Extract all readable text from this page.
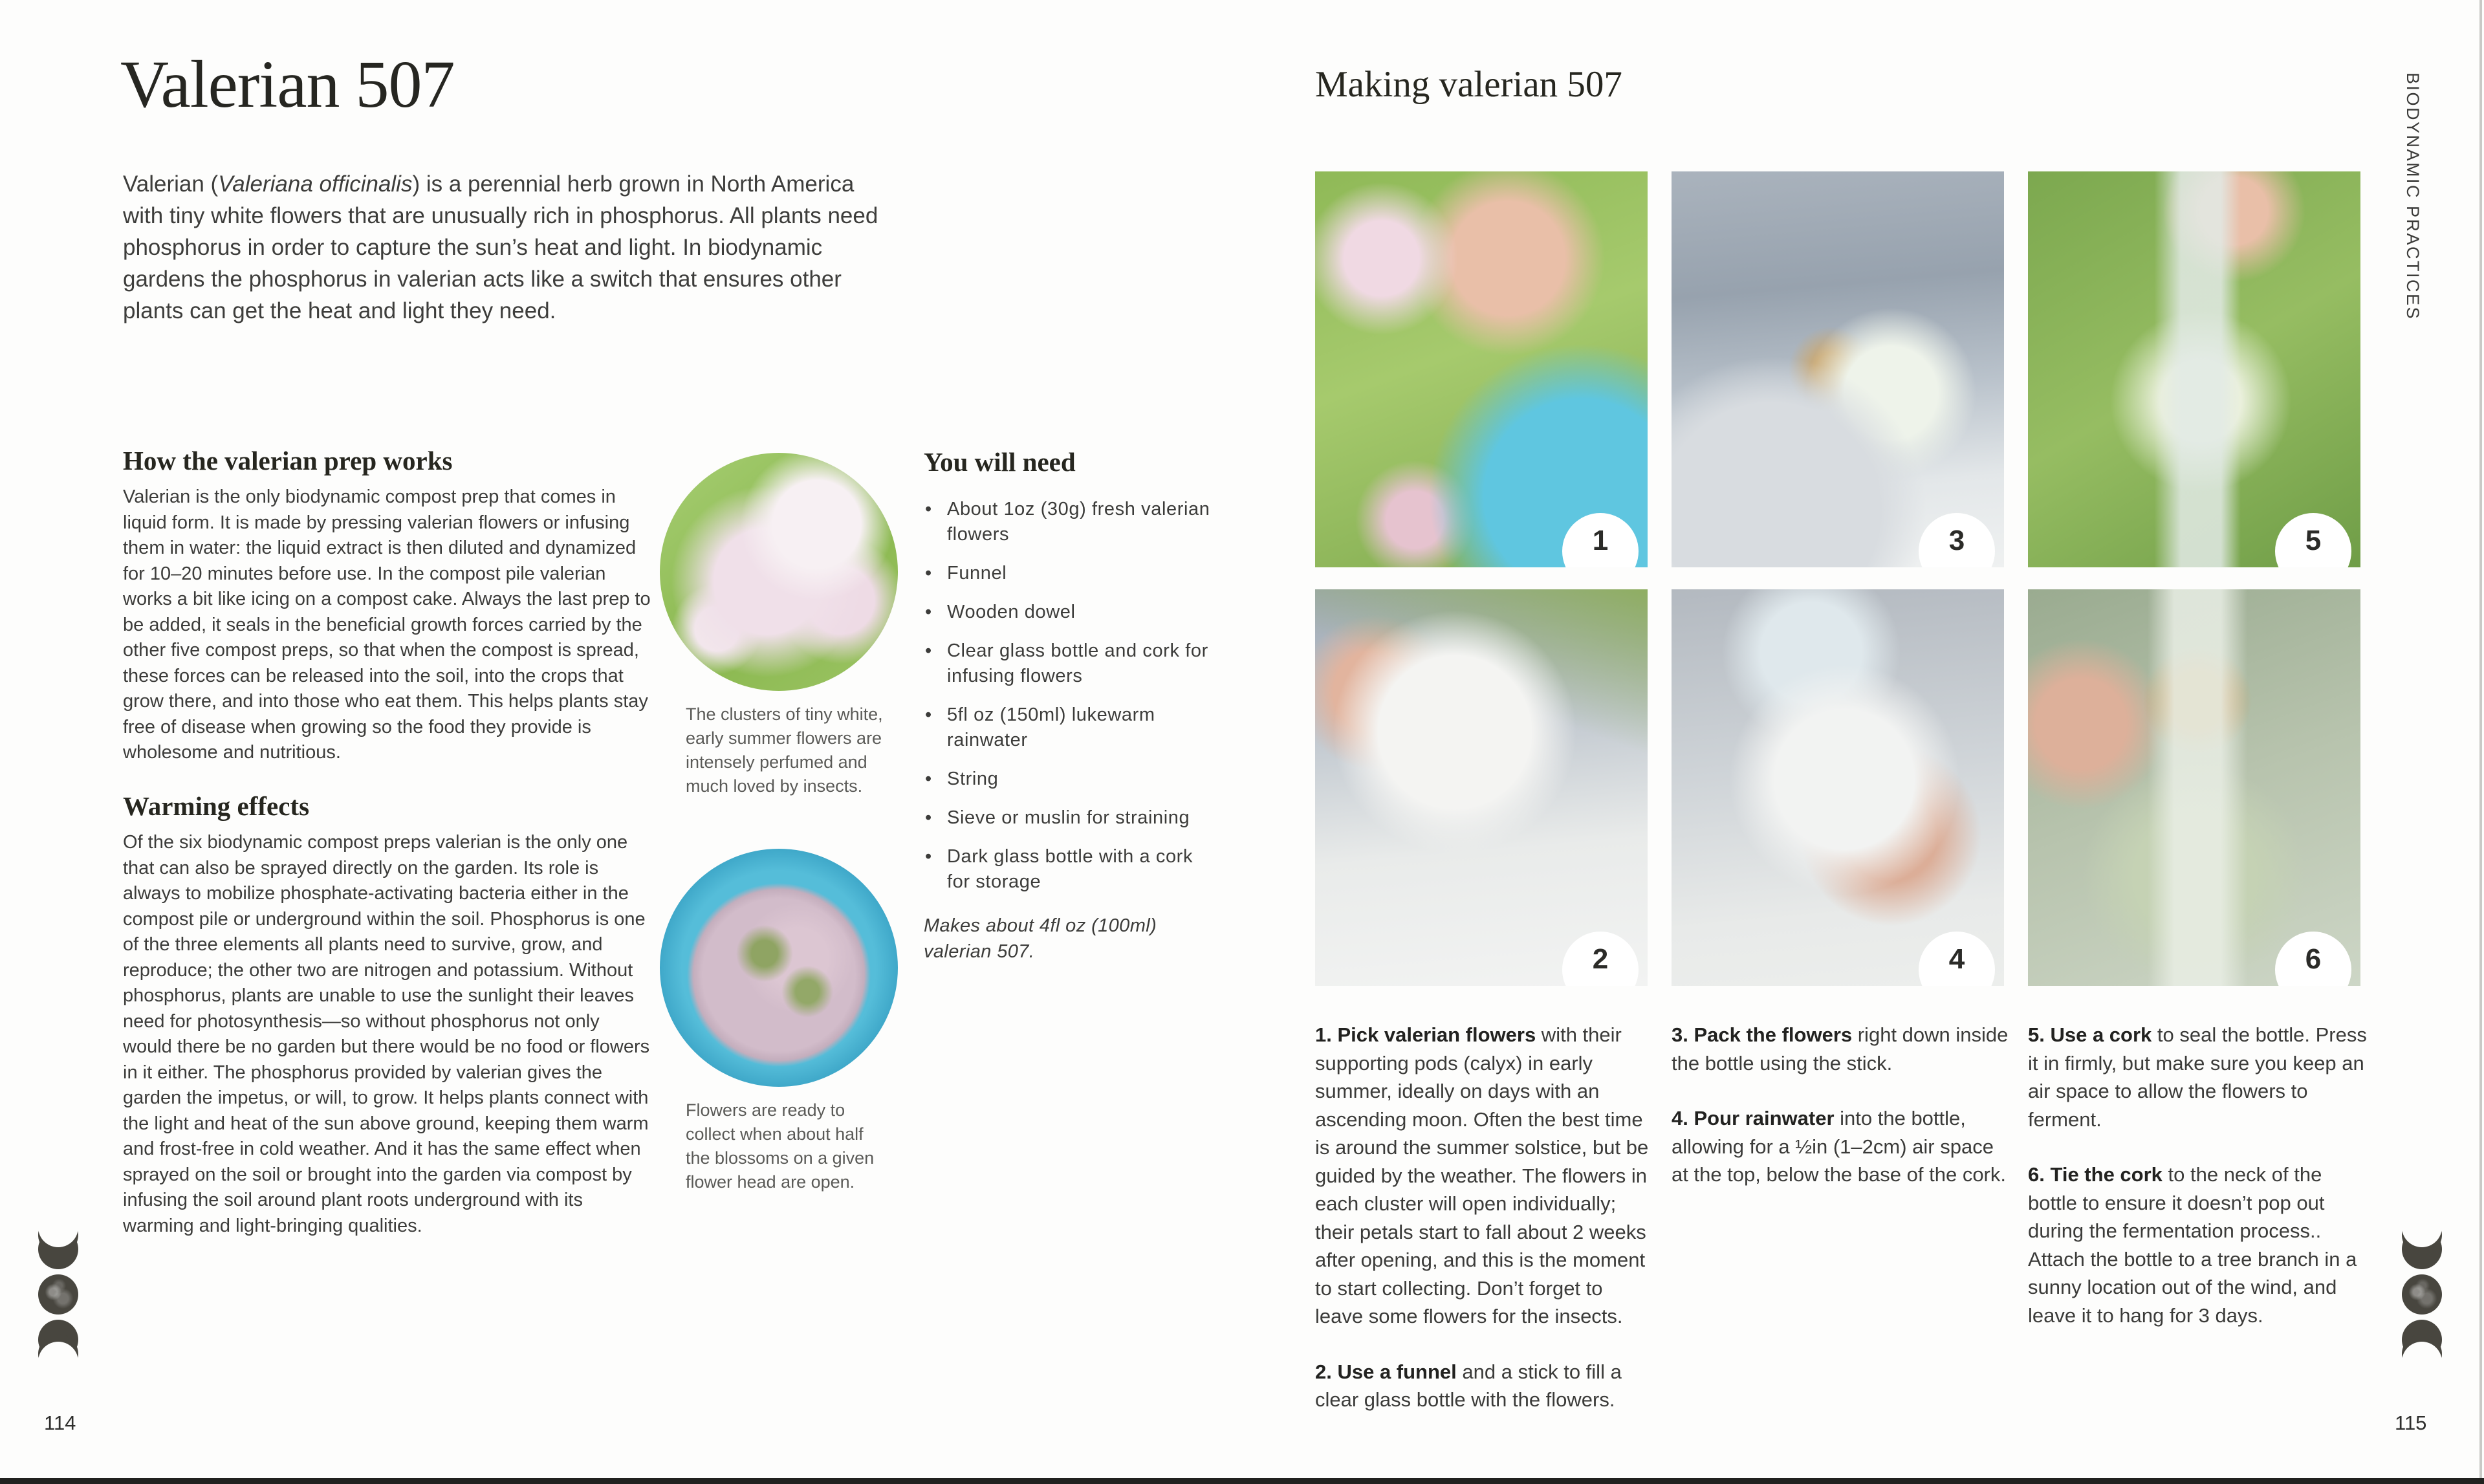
Valerian 507

Valerian (Valeriana officinalis) is a perennial herb grown in North America with tiny white flowers that are unusually rich in phosphorus. All plants need phosphorus in order to capture the sun’s heat and light. In biodynamic gardens the phosphorus in valerian acts like a switch that ensures other plants can get the heat and light they need.

How the valerian prep works

Valerian is the only biodynamic compost prep that comes in liquid form. It is made by pressing valerian flowers or infusing them in water: the liquid extract is then diluted and dynamized for 10–20 minutes before use. In the compost pile valerian works a bit like icing on a compost cake. Always the last prep to be added, it seals in the beneficial growth forces carried by the other five compost preps, so that when the compost is spread, these forces can be released into the soil, into the crops that grow there, and into those who eat them. This helps plants stay free of disease when growing so the food they provide is wholesome and nutritious.

Warming effects

Of the six biodynamic compost preps valerian is the only one that can also be sprayed directly on the garden. Its role is always to mobilize phosphate-activating bacteria either in the compost pile or underground within the soil. Phosphorus is one of the three elements all plants need to survive, grow, and reproduce; the other two are nitrogen and potassium. Without phosphorus, plants are unable to use the sunlight their leaves need for photosynthesis—so without phosphorus not only would there be no garden but there would be no food or flowers in it either. The phosphorus provided by valerian gives the garden the impetus, or will, to grow. It helps plants connect with the light and heat of the sun above ground, keeping them warm and frost-free in cold weather. And it has the same effect when sprayed on the soil or brought into the garden via compost by infusing the soil around plant roots underground with its warming and light-bringing qualities.

The clusters of tiny white, early summer flowers are intensely perfumed and much loved by insects.

Flowers are ready to collect when about half the blossoms on a given flower head are open.

You will need
• About 1oz (30g) fresh valerian flowers
• Funnel
• Wooden dowel
• Clear glass bottle and cork for infusing flowers
• 5fl oz (150ml) lukewarm rainwater
• String
• Sieve or muslin for straining
• Dark glass bottle with a cork for storage

Makes about 4fl oz (100ml) valerian 507.

114
Making valerian 507	BIODYNAMIC PRACTICES
1	3	5
2	4	6

1. Pick valerian flowers with their supporting pods (calyx) in early summer, ideally on days with an ascending moon. Often the best time is around the summer solstice, but be guided by the weather. The flowers in each cluster will open individually; their petals start to fall about 2 weeks after opening, and this is the moment to start collecting. Don’t forget to leave some flowers for the insects.

2. Use a funnel and a stick to fill a clear glass bottle with the flowers.

3. Pack the flowers right down inside the bottle using the stick.

4. Pour rainwater into the bottle, allowing for a ½in (1–2cm) air space at the top, below the base of the cork.

5. Use a cork to seal the bottle. Press it in firmly, but make sure you keep an air space to allow the flowers to ferment.

6. Tie the cork to the neck of the bottle to ensure it doesn’t pop out during the fermentation process.. Attach the bottle to a tree branch in a sunny location out of the wind, and leave it to hang for 3 days.

115
